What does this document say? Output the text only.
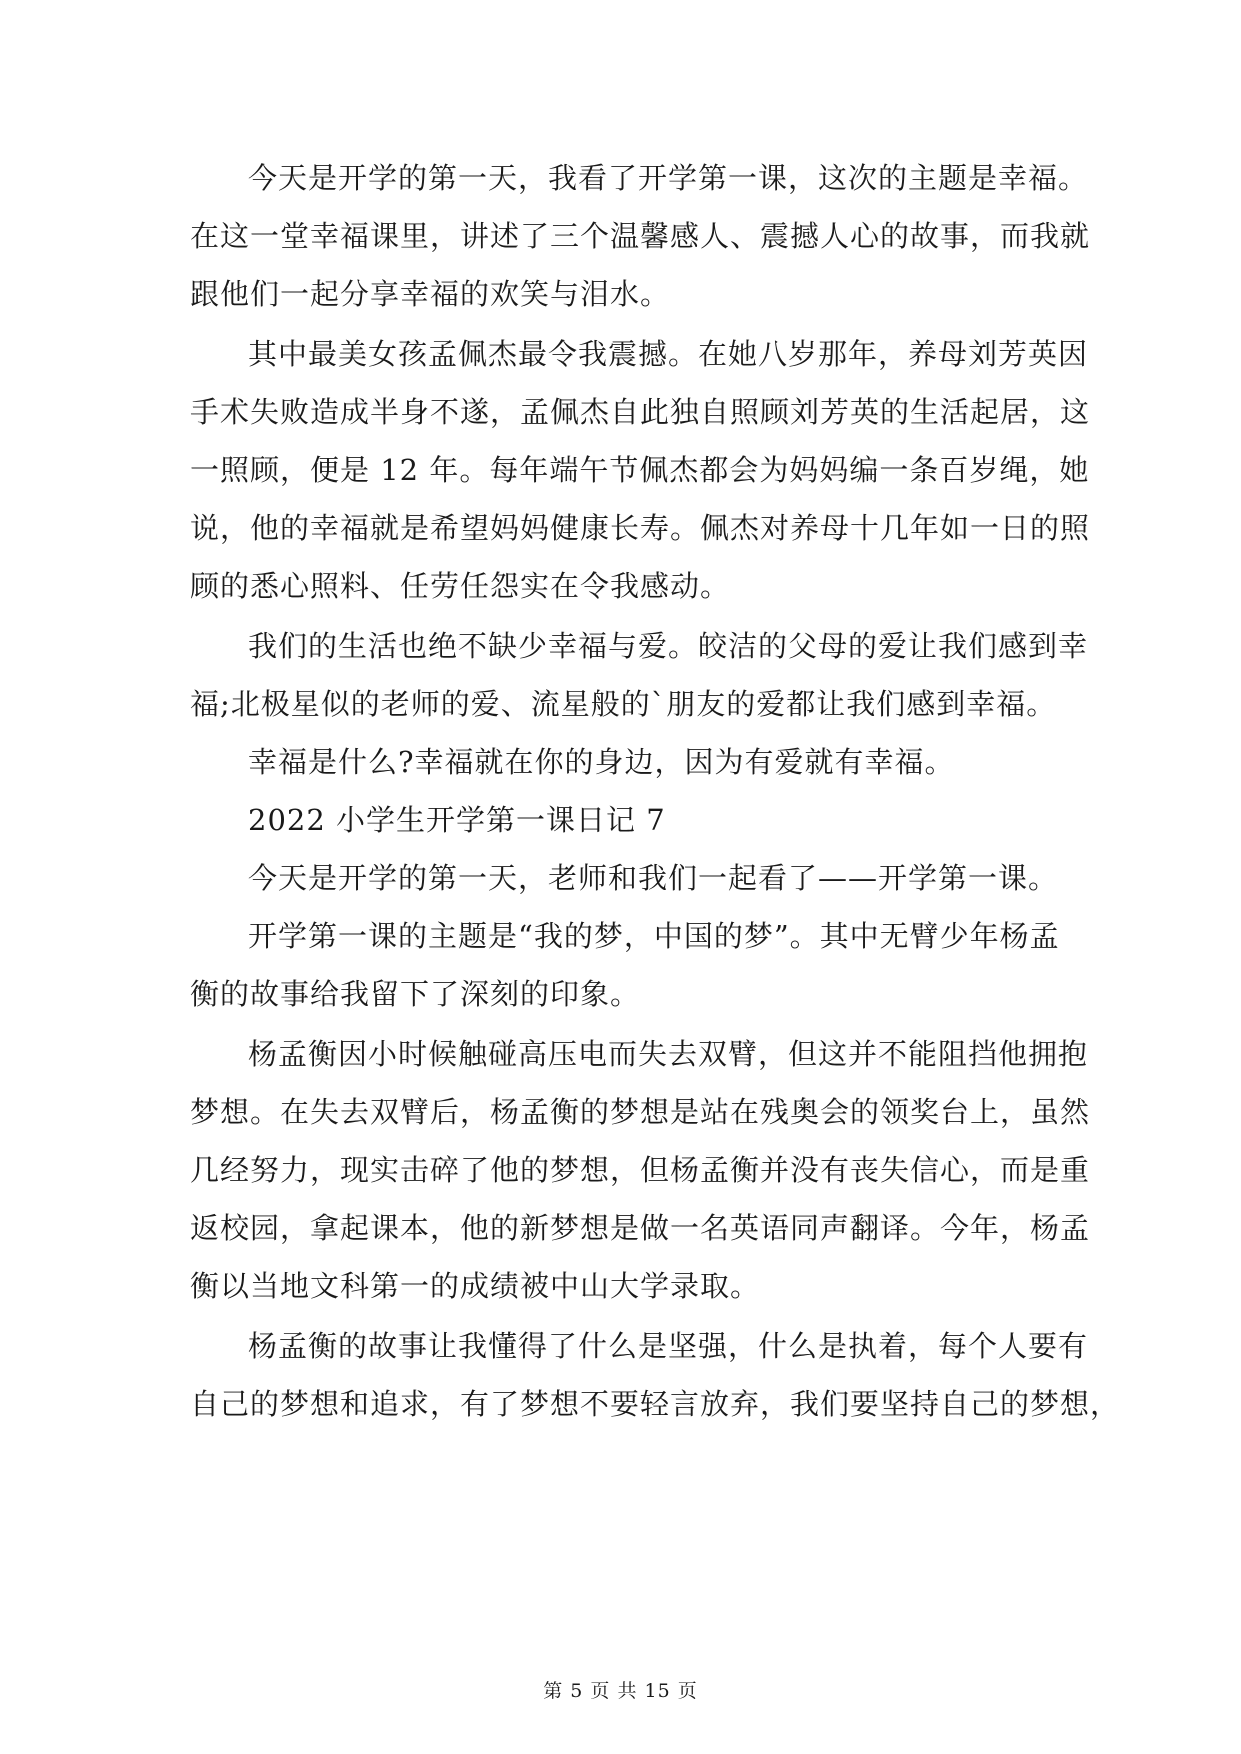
今天是开学的第一天，我看了开学第一课，这次的主题是幸福。
在这一堂幸福课里，讲述了三个温馨感人、震撼人心的故事，而我就
跟他们一起分享幸福的欢笑与泪水。
其中最美女孩孟佩杰最令我震撼。在她八岁那年，养母刘芳英因
手术失败造成半身不遂，孟佩杰自此独自照顾刘芳英的生活起居，这
一照顾，便是 12 年。每年端午节佩杰都会为妈妈编一条百岁绳，她
说，他的幸福就是希望妈妈健康长寿。佩杰对养母十几年如一日的照
顾的悉心照料、任劳任怨实在令我感动。
我们的生活也绝不缺少幸福与爱。皎洁的父母的爱让我们感到幸
福;北极星似的老师的爱、流星般的`朋友的爱都让我们感到幸福。
幸福是什么?幸福就在你的身边，因为有爱就有幸福。
2022 小学生开学第一课日记 7
今天是开学的第一天，老师和我们一起看了——开学第一课。
开学第一课的主题是“我的梦，中国的梦”。其中无臂少年杨孟
衡的故事给我留下了深刻的印象。
杨孟衡因小时候触碰高压电而失去双臂，但这并不能阻挡他拥抱
梦想。在失去双臂后，杨孟衡的梦想是站在残奥会的领奖台上，虽然
几经努力，现实击碎了他的梦想，但杨孟衡并没有丧失信心，而是重
返校园，拿起课本，他的新梦想是做一名英语同声翻译。今年，杨孟
衡以当地文科第一的成绩被中山大学录取。
杨孟衡的故事让我懂得了什么是坚强，什么是执着，每个人要有
自己的梦想和追求，有了梦想不要轻言放弃，我们要坚持自己的梦想，
第 5 页 共 15 页
